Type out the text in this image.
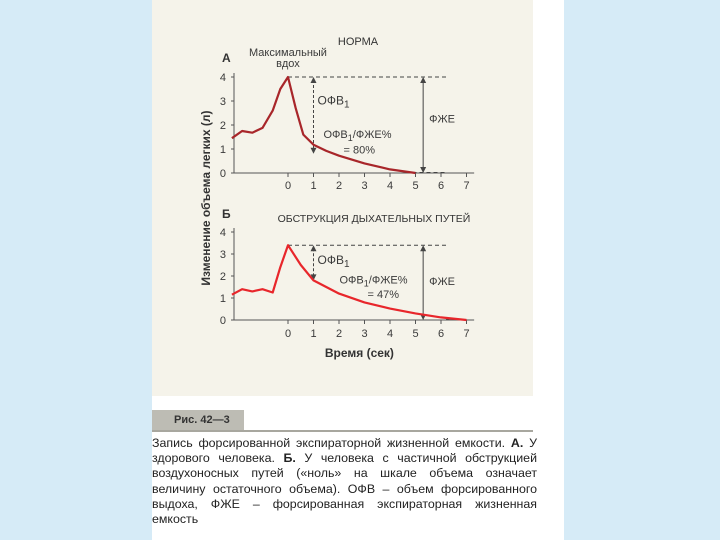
0
1
2
3
4
0 1 2 3 4 5 6 7
А
НОРМА
$ОФВ_1$
$ОФВ_1/ФЖЕ\%$
= 80%
ФЖЕ
Максимальный
вдох
0
1
2
3
4
0 1 2 3 4 5 6 7
Б	ОБСТРУКЦИЯ ДЫХАТЕЛЬНЫХ ПУТЕЙ
$ОФВ_1$
$ОФВ_1/ФЖЕ\%$
= 47%
ФЖЕ
Изменение объема легких (л)
Время (сек)
Рис. 42—3
Запись форсированной экспираторной жизненной емкости. А. У здорового человека. Б. У человека с частичной обструкцией воздухоносных путей («ноль» на шкале объема означает величину остаточного объема). ОФВ – объем форсированного выдоха, ФЖЕ – форсированная экспираторная жизненная емкость
